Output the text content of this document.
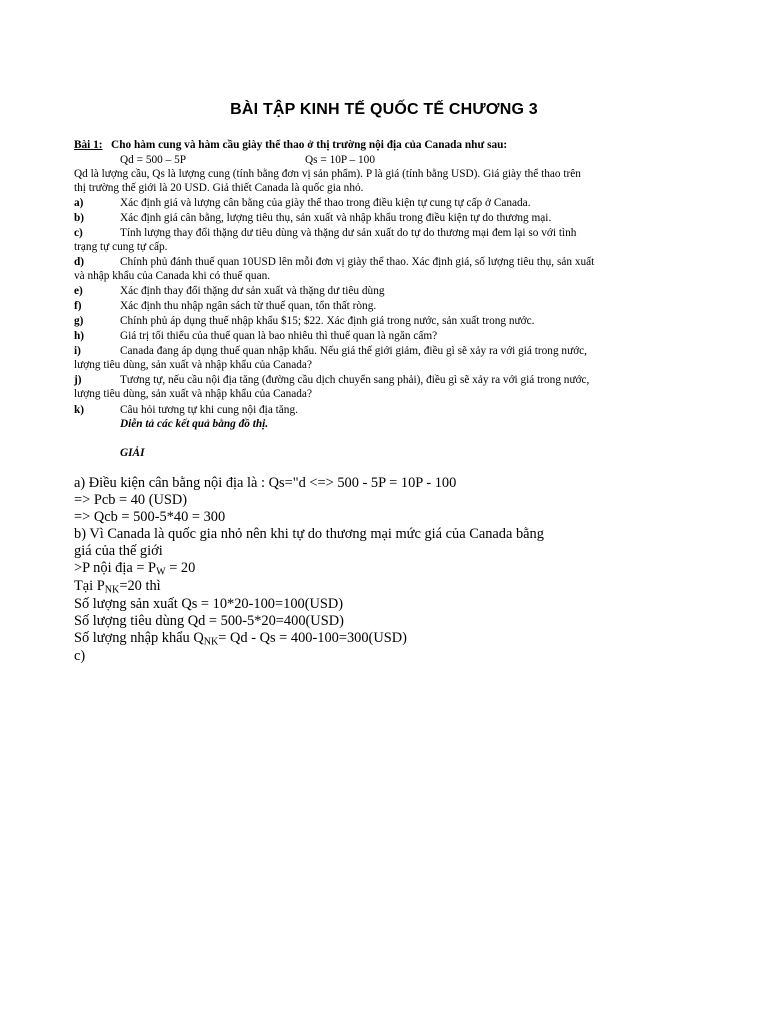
BÀI TẬP KINH TẾ QUỐC TẾ CHƯƠNG 3
Bài 1: Cho hàm cung và hàm cầu giày thể thao ở thị trường nội địa của Canada như sau:
Qd = 500 – 5P	Qs = 10P – 100
Qd là lượng cầu, Qs là lượng cung (tính bằng đơn vị sản phẩm). P là giá (tính bằng USD). Giá giày thể thao trên
thị trường thế giới là 20 USD. Giả thiết Canada là quốc gia nhỏ.
a)	Xác định giá và lượng cân bằng của giày thể thao trong điều kiện tự cung tự cấp ở Canada.
b)	Xác định giá cân bằng, lượng tiêu thụ, sản xuất và nhập khẩu trong điều kiện tự do thương mại.
c)	Tính lượng thay đổi thặng dư tiêu dùng và thặng dư sản xuất do tự do thương mại đem lại so với tình
trạng tự cung tự cấp.
d)	Chính phủ đánh thuế quan 10USD lên mỗi đơn vị giày thể thao. Xác định giá, số lượng tiêu thụ, sản xuất
và nhập khẩu của Canada khi có thuế quan.
e)	Xác định thay đổi thặng dư sản xuất và thặng dư tiêu dùng
f)	Xác định thu nhập ngân sách từ thuế quan, tổn thất ròng.
g)	Chính phủ áp dụng thuế nhập khẩu $15; $22. Xác định giá trong nước, sản xuất trong nước.
h)	Giá trị tối thiểu của thuế quan là bao nhiêu thì thuế quan là ngăn cấm?
i)	Canada đang áp dụng thuế quan nhập khẩu. Nếu giá thế giới giảm, điều gì sẽ xảy ra với giá trong nước,
lượng tiêu dùng, sản xuất và nhập khẩu của Canada?
j)	Tương tự, nếu cầu nội địa tăng (đường cầu dịch chuyển sang phải), điều gì sẽ xảy ra với giá trong nước,
lượng tiêu dùng, sản xuất và nhập khẩu của Canada?
k)	Câu hỏi tương tự khi cung nội địa tăng.
Diễn tả các kết quả bằng đồ thị.
GIẢI
a) Điều kiện cân bằng nội địa là : Qs="d <=> 500 - 5P = 10P - 100
=> Pcb = 40 (USD)
=> Qcb = 500-5*40 = 300
b) Vì Canada là quốc gia nhỏ nên khi tự do thương mại mức giá của Canada bằng
giá của thế giới
>P nội địa = $P_W = 20$
Tại $P_{NK}=20$ thì
Số lượng sản xuất Qs = 10*20-100=100(USD)
Số lượng tiêu dùng Qd = 500-5*20=400(USD)
Số lượng nhập khẩu $Q_{NK}= Qd - Qs = 400-100=300(USD)$
c)
